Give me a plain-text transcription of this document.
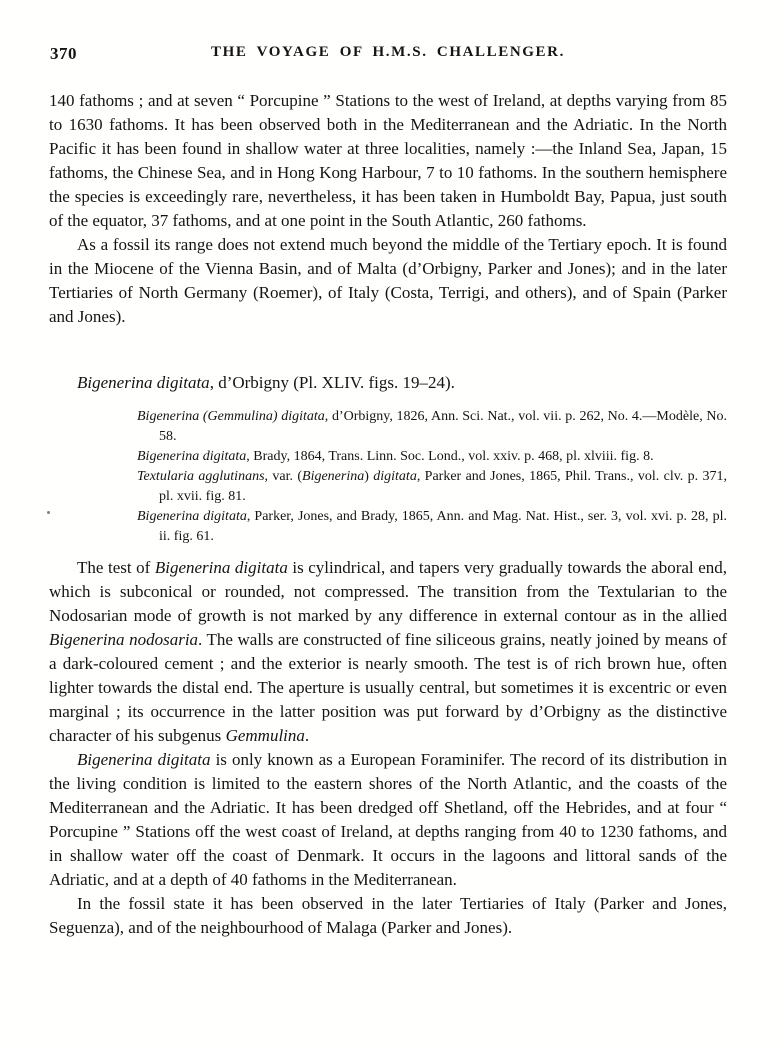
370	THE VOYAGE OF H.M.S. CHALLENGER.

140 fathoms ; and at seven “ Porcupine ” Stations to the west of Ireland, at depths varying from 85 to 1630 fathoms. It has been observed both in the Mediterranean and the Adriatic. In the North Pacific it has been found in shallow water at three localities, namely :—the Inland Sea, Japan, 15 fathoms, the Chinese Sea, and in Hong Kong Harbour, 7 to 10 fathoms. In the southern hemisphere the species is exceedingly rare, nevertheless, it has been taken in Humboldt Bay, Papua, just south of the equator, 37 fathoms, and at one point in the South Atlantic, 260 fathoms.

As a fossil its range does not extend much beyond the middle of the Tertiary epoch. It is found in the Miocene of the Vienna Basin, and of Malta (d’Orbigny, Parker and Jones); and in the later Tertiaries of North Germany (Roemer), of Italy (Costa, Terrigi, and others), and of Spain (Parker and Jones).

Bigenerina digitata, d’Orbigny (Pl. XLIV. figs. 19–24).

Bigenerina (Gemmulina) digitata, d’Orbigny, 1826, Ann. Sci. Nat., vol. vii. p. 262, No. 4.—Modèle, No. 58.

Bigenerina digitata, Brady, 1864, Trans. Linn. Soc. Lond., vol. xxiv. p. 468, pl. xlviii. fig. 8.

Textularia agglutinans, var. (Bigenerina) digitata, Parker and Jones, 1865, Phil. Trans., vol. clv. p. 371, pl. xvii. fig. 81.

Bigenerina digitata, Parker, Jones, and Brady, 1865, Ann. and Mag. Nat. Hist., ser. 3, vol. xvi. p. 28, pl. ii. fig. 61.

The test of Bigenerina digitata is cylindrical, and tapers very gradually towards the aboral end, which is subconical or rounded, not compressed. The transition from the Textularian to the Nodosarian mode of growth is not marked by any difference in external contour as in the allied Bigenerina nodosaria. The walls are constructed of fine siliceous grains, neatly joined by means of a dark-coloured cement ; and the exterior is nearly smooth. The test is of rich brown hue, often lighter towards the distal end. The aperture is usually central, but sometimes it is excentric or even marginal ; its occurrence in the latter position was put forward by d’Orbigny as the distinctive character of his subgenus Gemmulina.

Bigenerina digitata is only known as a European Foraminifer. The record of its distribution in the living condition is limited to the eastern shores of the North Atlantic, and the coasts of the Mediterranean and the Adriatic. It has been dredged off Shetland, off the Hebrides, and at four “ Porcupine ” Stations off the west coast of Ireland, at depths ranging from 40 to 1230 fathoms, and in shallow water off the coast of Denmark. It occurs in the lagoons and littoral sands of the Adriatic, and at a depth of 40 fathoms in the Mediterranean.

In the fossil state it has been observed in the later Tertiaries of Italy (Parker and Jones, Seguenza), and of the neighbourhood of Malaga (Parker and Jones).
